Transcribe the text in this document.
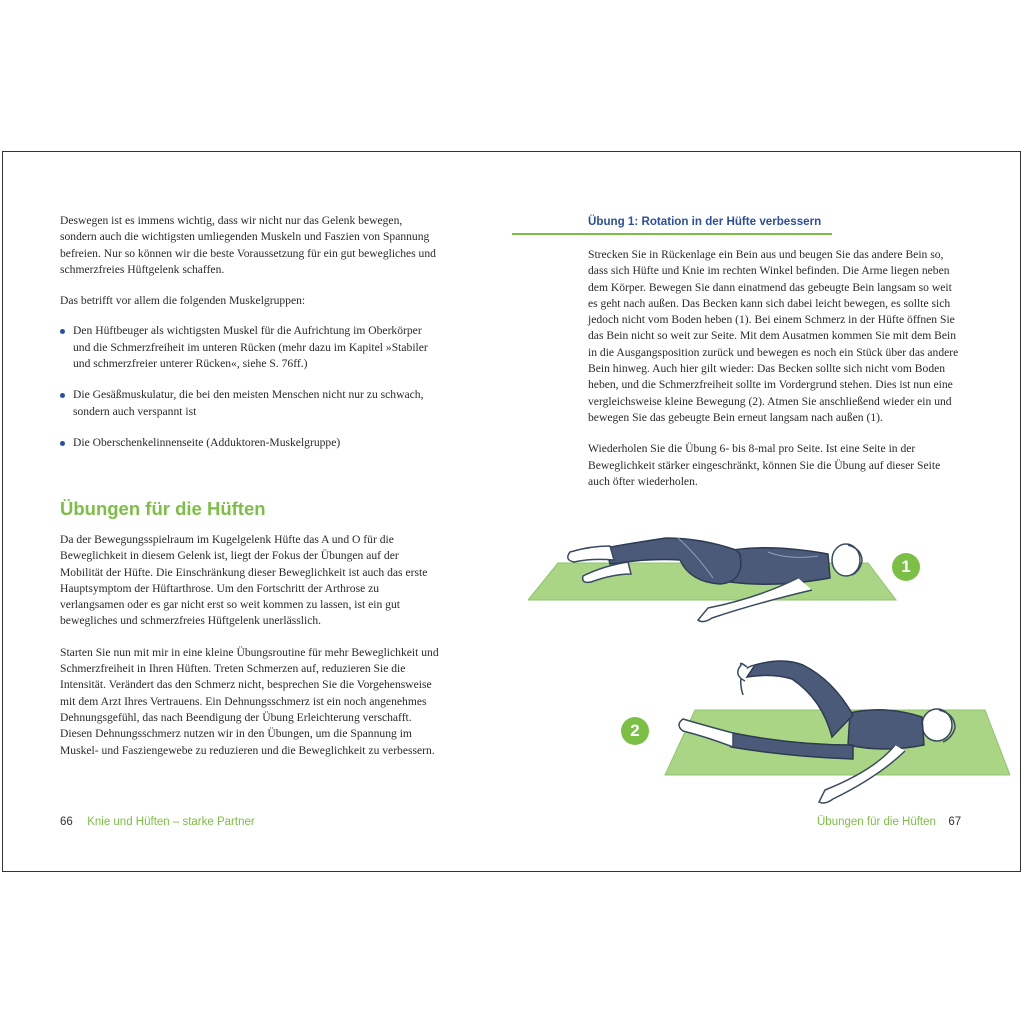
Deswegen ist es immens wichtig, dass wir nicht nur das Gelenk bewegen, sondern auch die wichtigsten umliegenden Muskeln und Faszien von Spannung befreien. Nur so können wir die beste Voraussetzung für ein gut bewegliches und schmerzfreies Hüftgelenk schaffen.

Das betrifft vor allem die folgenden Muskelgruppen:

Den Hüftbeuger als wichtigsten Muskel für die Aufrichtung im Oberkörper und die Schmerzfreiheit im unteren Rücken (mehr dazu im Kapitel »Stabiler und schmerzfreier unterer Rücken«, siehe S. 76ff.)
Die Gesäßmuskulatur, die bei den meisten Menschen nicht nur zu schwach, sondern auch verspannt ist
Die Oberschenkelinnenseite (Adduktoren-Muskelgruppe)
Übungen für die Hüften

Da der Bewegungsspielraum im Kugelgelenk Hüfte das A und O für die Beweglichkeit in diesem Gelenk ist, liegt der Fokus der Übungen auf der Mobilität der Hüfte. Die Einschränkung dieser Beweglichkeit ist auch das erste Hauptsymptom der Hüftarthrose. Um den Fortschritt der Arthrose zu verlangsamen oder es gar nicht erst so weit kommen zu lassen, ist ein gut bewegliches und schmerzfreies Hüftgelenk unerlässlich.

Starten Sie nun mit mir in eine kleine Übungsroutine für mehr Beweglichkeit und Schmerzfreiheit in Ihren Hüften. Treten Schmerzen auf, reduzieren Sie die Intensität. Verändert das den Schmerz nicht, besprechen Sie die Vorgehensweise mit dem Arzt Ihres Vertrauens. Ein Dehnungsschmerz ist ein noch angenehmes Dehnungsgefühl, das nach Beendigung der Übung Erleichterung verschafft. Diesen Dehnungsschmerz nutzen wir in den Übungen, um die Spannung im Muskel- und Fasziengewebe zu reduzieren und die Beweglichkeit zu verbessern.

66 Knie und Hüften – starke Partner
Übung 1: Rotation in der Hüfte verbessern

Strecken Sie in Rückenlage ein Bein aus und beugen Sie das andere Bein so, dass sich Hüfte und Knie im rechten Winkel befinden. Die Arme liegen neben dem Körper. Bewegen Sie dann einatmend das gebeugte Bein langsam so weit es geht nach außen. Das Becken kann sich dabei leicht bewegen, es sollte sich jedoch nicht vom Boden heben (1). Bei einem Schmerz in der Hüfte öffnen Sie das Bein nicht so weit zur Seite. Mit dem Ausatmen kommen Sie mit dem Bein in die Ausgangsposition zurück und bewegen es noch ein Stück über das andere Bein hinweg. Auch hier gilt wieder: Das Becken sollte sich nicht vom Boden heben, und die Schmerzfreiheit sollte im Vordergrund stehen. Dies ist nun eine vergleichsweise kleine Bewegung (2). Atmen Sie anschließend wieder ein und bewegen Sie das gebeugte Bein erneut langsam nach außen (1).

Wiederholen Sie die Übung 6- bis 8-mal pro Seite. Ist eine Seite in der Beweglichkeit stärker eingeschränkt, können Sie die Übung auf dieser Seite auch öfter wiederholen.

1
2
Übungen für die Hüften 67
